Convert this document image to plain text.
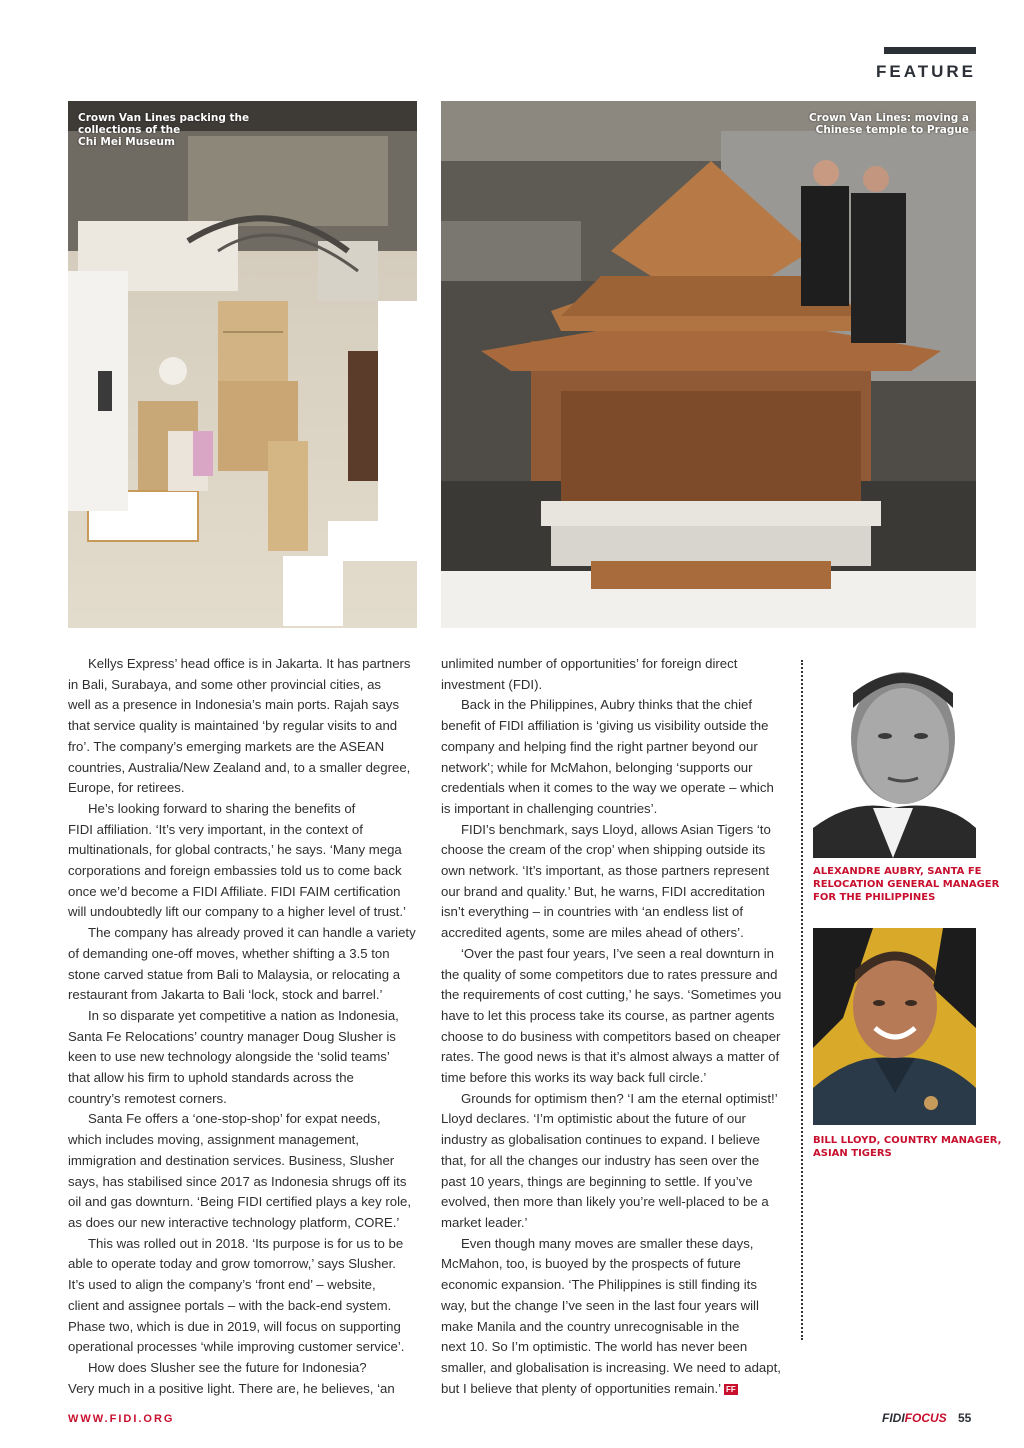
FEATURE
Crown Van Lines packing the
collections of the
Chi Mei Museum
Crown Van Lines: moving a
Chinese temple to Prague

Kellys Express’ head office is in Jakarta. It has partners
in Bali, Surabaya, and some other provincial cities, as
well as a presence in Indonesia’s main ports. Rajah says
that service quality is maintained ‘by regular visits to and
fro’. The company’s emerging markets are the ASEAN
countries, Australia/New Zealand and, to a smaller degree,
Europe, for retirees.

He’s looking forward to sharing the benefits of
FIDI affiliation. ‘It’s very important, in the context of
multinationals, for global contracts,’ he says. ‘Many mega
corporations and foreign embassies told us to come back
once we’d become a FIDI Affiliate. FIDI FAIM certification
will undoubtedly lift our company to a higher level of trust.’

The company has already proved it can handle a variety
of demanding one-off moves, whether shifting a 3.5 ton
stone carved statue from Bali to Malaysia, or relocating a
restaurant from Jakarta to Bali ‘lock, stock and barrel.’

In so disparate yet competitive a nation as Indonesia,
Santa Fe Relocations’ country manager Doug Slusher is
keen to use new technology alongside the ‘solid teams’
that allow his firm to uphold standards across the
country’s remotest corners.

Santa Fe offers a ‘one-stop-shop’ for expat needs,
which includes moving, assignment management,
immigration and destination services. Business, Slusher
says, has stabilised since 2017 as Indonesia shrugs off its
oil and gas downturn. ‘Being FIDI certified plays a key role,
as does our new interactive technology platform, CORE.’

This was rolled out in 2018. ‘Its purpose is for us to be
able to operate today and grow tomorrow,’ says Slusher.
It’s used to align the company’s ‘front end’ – website,
client and assignee portals – with the back-end system.
Phase two, which is due in 2019, will focus on supporting
operational processes ‘while improving customer service’.

How does Slusher see the future for Indonesia?
Very much in a positive light. There are, he believes, ‘an

unlimited number of opportunities’ for foreign direct
investment (FDI).

Back in the Philippines, Aubry thinks that the chief
benefit of FIDI affiliation is ‘giving us visibility outside the
company and helping find the right partner beyond our
network’; while for McMahon, belonging ‘supports our
credentials when it comes to the way we operate – which
is important in challenging countries’.

FIDI’s benchmark, says Lloyd, allows Asian Tigers ‘to
choose the cream of the crop’ when shipping outside its
own network. ‘It’s important, as those partners represent
our brand and quality.’ But, he warns, FIDI accreditation
isn’t everything – in countries with ‘an endless list of
accredited agents, some are miles ahead of others’.

‘Over the past four years, I’ve seen a real downturn in
the quality of some competitors due to rates pressure and
the requirements of cost cutting,’ he says. ‘Sometimes you
have to let this process take its course, as partner agents
choose to do business with competitors based on cheaper
rates. The good news is that it’s almost always a matter of
time before this works its way back full circle.’

Grounds for optimism then? ‘I am the eternal optimist!’
Lloyd declares. ‘I’m optimistic about the future of our
industry as globalisation continues to expand. I believe
that, for all the changes our industry has seen over the
past 10 years, things are beginning to settle. If you’ve
evolved, then more than likely you’re well-placed to be a
market leader.’

Even though many moves are smaller these days,
McMahon, too, is buoyed by the prospects of future
economic expansion. ‘The Philippines is still finding its
way, but the change I’ve seen in the last four years will
make Manila and the country unrecognisable in the
next 10. So I’m optimistic. The world has never been
smaller, and globalisation is increasing. We need to adapt,
but I believe that plenty of opportunities remain.’ FF

ALEXANDRE AUBRY, SANTA FE
RELOCATION GENERAL MANAGER
FOR THE PHILIPPINES
BILL LLOYD, COUNTRY MANAGER,
ASIAN TIGERS
WWW.FIDI.ORG	FIDIFOCUS 55
